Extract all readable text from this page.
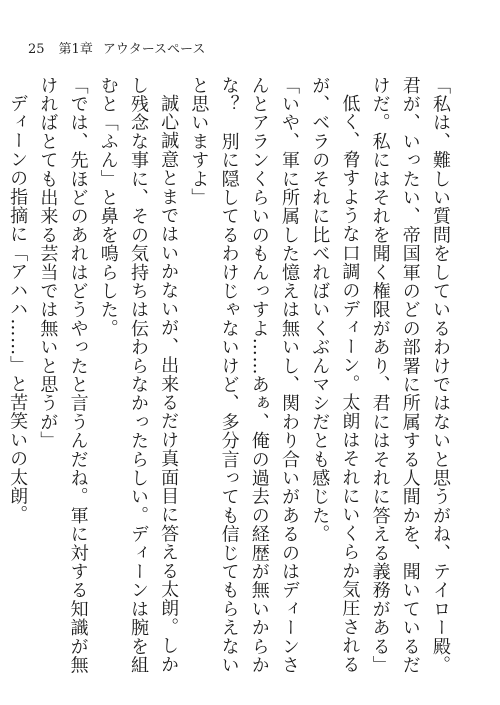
25 第1章 アウタースペース

「私は、難しい質問をしているわけではないと思うがね、テイロー殿。君が、いったい、帝国軍のどの部署に所属する人間かを、聞いているだけだ。私にはそれを聞く権限があり、君にはそれに答える義務がある」

低く、脅すような口調のディーン。太朗はそれにいくらか気圧されるが、ベラのそれに比べればいくぶんマシだとも感じた。

「いや、軍に所属した憶えは無いし、関わり合いがあるのはディーンさんとアランくらいのもんっすよ……あぁ、俺の過去の経歴が無いからかな？　別に隠してるわけじゃないけど、多分言っても信じてもらえないと思いますよ」

誠心誠意とまではいかないが、出来るだけ真面目に答える太朗。しかし残念な事に、その気持ちは伝わらなかったらしい。ディーンは腕を組むと「ふん」と鼻を鳴らした。

「では、先ほどのあれはどうやったと言うんだね。軍に対する知識が無ければとても出来る芸当では無いと思うが」

ディーンの指摘に「アハハ……」と苦笑いの太朗。
